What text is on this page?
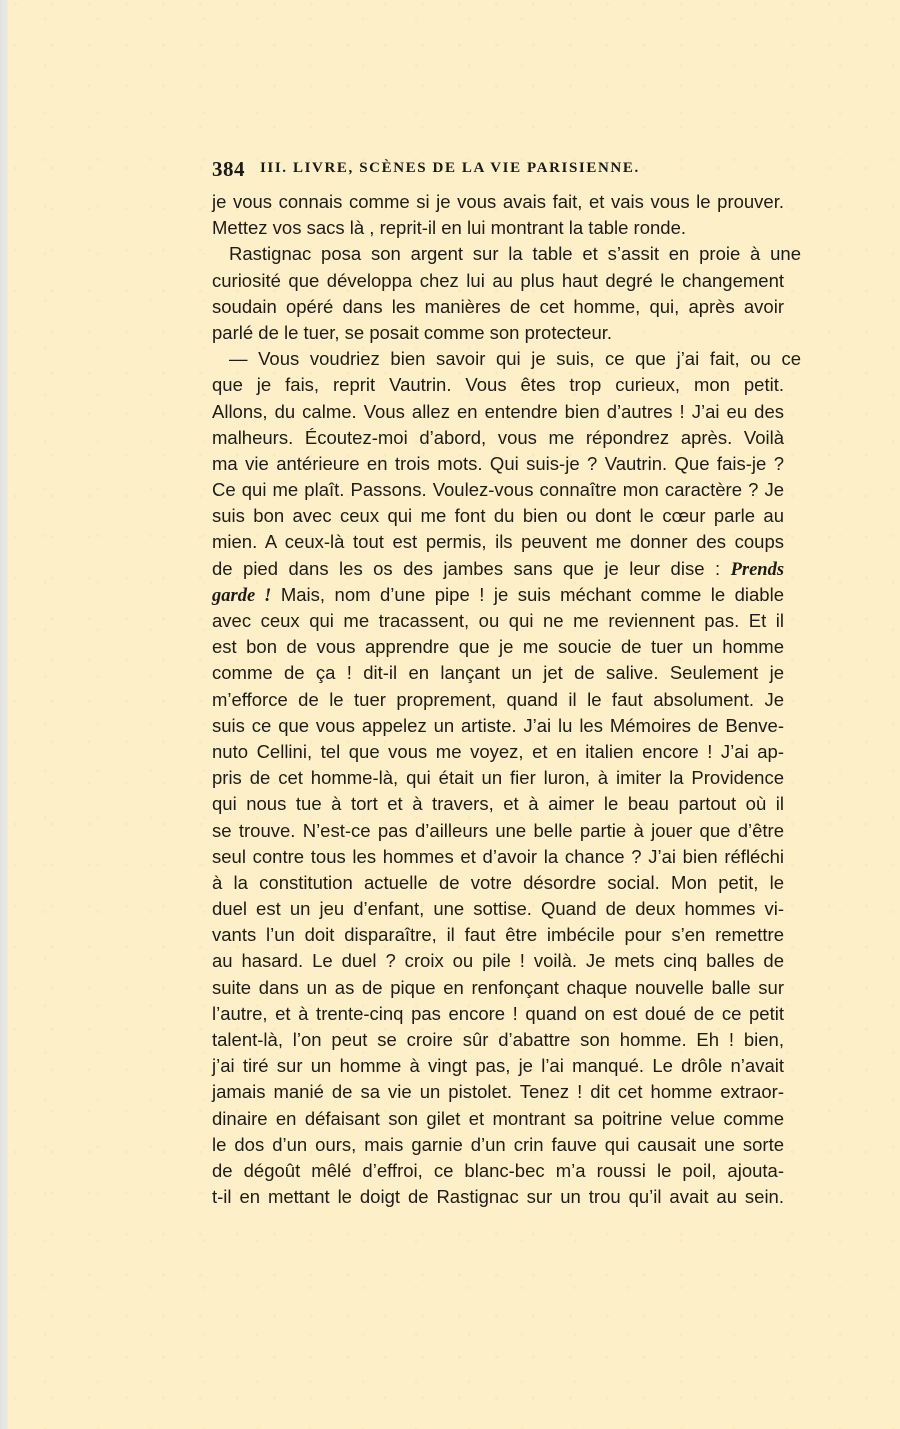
384 III. LIVRE, SCÈNES DE LA VIE PARISIENNE.
je vous connais comme si je vous avais fait, et vais vous le prouver.
Mettez vos sacs là , reprit-il en lui montrant la table ronde.
Rastignac posa son argent sur la table et s’assit en proie à une
curiosité que développa chez lui au plus haut degré le changement
soudain opéré dans les manières de cet homme, qui, après avoir
parlé de le tuer, se posait comme son protecteur.
— Vous voudriez bien savoir qui je suis, ce que j’ai fait, ou ce
que je fais, reprit Vautrin. Vous êtes trop curieux, mon petit.
Allons, du calme. Vous allez en entendre bien d’autres ! J’ai eu des
malheurs. Écoutez-moi d’abord, vous me répondrez après. Voilà
ma vie antérieure en trois mots. Qui suis-je ? Vautrin. Que fais-je ?
Ce qui me plaît. Passons. Voulez-vous connaître mon caractère ? Je
suis bon avec ceux qui me font du bien ou dont le cœur parle au
mien. A ceux-là tout est permis, ils peuvent me donner des coups
de pied dans les os des jambes sans que je leur dise : Prends
garde ! Mais, nom d’une pipe ! je suis méchant comme le diable
avec ceux qui me tracassent, ou qui ne me reviennent pas. Et il
est bon de vous apprendre que je me soucie de tuer un homme
comme de ça ! dit-il en lançant un jet de salive. Seulement je
m’efforce de le tuer proprement, quand il le faut absolument. Je
suis ce que vous appelez un artiste. J’ai lu les Mémoires de Benve-
nuto Cellini, tel que vous me voyez, et en italien encore ! J’ai ap-
pris de cet homme-là, qui était un fier luron, à imiter la Providence
qui nous tue à tort et à travers, et à aimer le beau partout où il
se trouve. N’est-ce pas d’ailleurs une belle partie à jouer que d’être
seul contre tous les hommes et d’avoir la chance ? J’ai bien réfléchi
à la constitution actuelle de votre désordre social. Mon petit, le
duel est un jeu d’enfant, une sottise. Quand de deux hommes vi-
vants l’un doit disparaître, il faut être imbécile pour s’en remettre
au hasard. Le duel ? croix ou pile ! voilà. Je mets cinq balles de
suite dans un as de pique en renfonçant chaque nouvelle balle sur
l’autre, et à trente-cinq pas encore ! quand on est doué de ce petit
talent-là, l’on peut se croire sûr d’abattre son homme. Eh ! bien,
j’ai tiré sur un homme à vingt pas, je l’ai manqué. Le drôle n’avait
jamais manié de sa vie un pistolet. Tenez ! dit cet homme extraor-
dinaire en défaisant son gilet et montrant sa poitrine velue comme
le dos d’un ours, mais garnie d’un crin fauve qui causait une sorte
de dégoût mêlé d’effroi, ce blanc-bec m’a roussi le poil, ajouta-
t-il en mettant le doigt de Rastignac sur un trou qu’il avait au sein.
